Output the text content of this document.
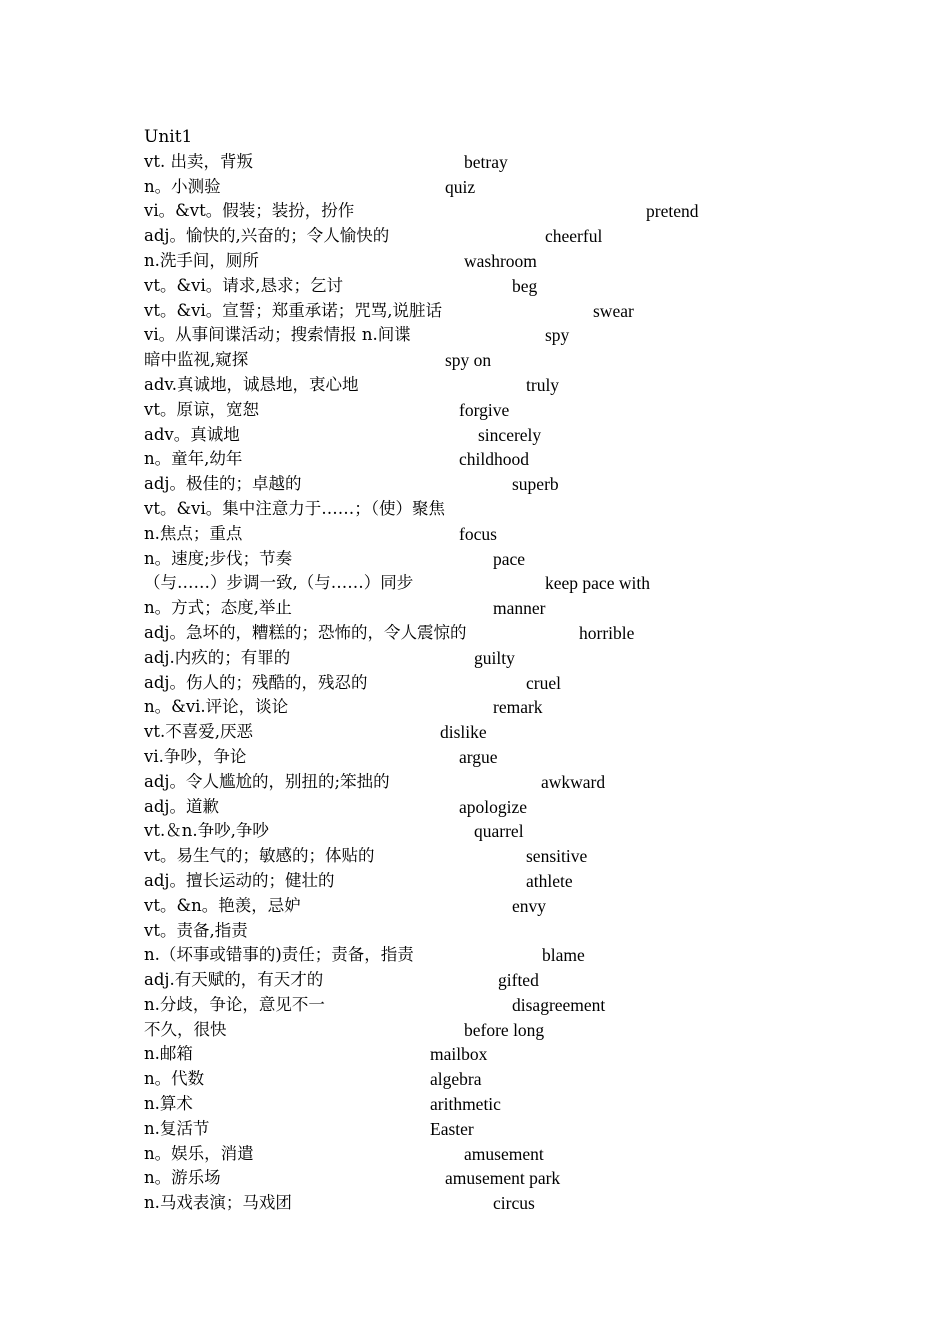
Unit1
vt. 出卖，背叛	betray
n。小测验	quiz
vi。&vt。假装；装扮，扮作	pretend
adj。愉快的,兴奋的；令人愉快的	cheerful
n.洗手间，厕所	washroom
vt。&vi。请求,恳求；乞讨	beg
vt。&vi。宣誓；郑重承诺；咒骂,说脏话	swear
vi。从事间谍活动；搜索情报 n.间谍	spy
暗中监视,窥探	spy on
adv.真诚地，诚恳地，衷心地	truly
vt。原谅，宽恕	forgive
adv。真诚地	sincerely
n。童年,幼年	childhood
adj。极佳的；卓越的	superb
vt。&vi。集中注意力于……；（使）聚焦
n.焦点；重点	focus
n。速度;步伐；节奏	pace
（与……）步调一致,（与……）同步	keep pace with
n。方式；态度,举止	manner
adj。急坏的，糟糕的；恐怖的，令人震惊的	horrible
adj.内疚的；有罪的	guilty
adj。伤人的；残酷的，残忍的	cruel
n。&vi.评论，谈论	remark
vt.不喜爱,厌恶	dislike
vi.争吵，争论	argue
adj。令人尴尬的，别扭的;笨拙的	awkward
adj。道歉	apologize
vt.＆n.争吵,争吵	quarrel
vt。易生气的；敏感的；体贴的	sensitive
adj。擅长运动的；健壮的	athlete
vt。&n。艳羡，忌妒	envy
vt。责备,指责
n.（坏事或错事的)责任；责备，指责	blame
adj.有天赋的，有天才的	gifted
n.分歧，争论，意见不一	disagreement
不久，很快	before long
n.邮箱	mailbox
n。代数	algebra
n.算术	arithmetic
n.复活节	Easter
n。娱乐，消遣	amusement
n。游乐场	amusement park
n.马戏表演；马戏团	circus
